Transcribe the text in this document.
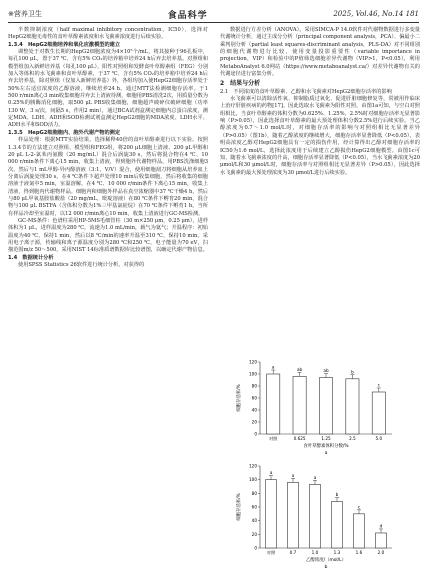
※营养卫生	食品科学	2025, Vol.46, No.14 181

半数抑制浓度（half maximal inhibitory concentration，IC50），选择对HepG2细胞无毒性的食叶草醇素浓度和水飞蓟素浓度进行后续实验。

1.3.4　HepG2细胞培养和氧化应激模型的建立

调整处于对数生长期的HepG2细胞浓度为4×10⁵个/mL，将其接种于96孔板中，每孔100 μL，置于37 ℃、含有5% CO₂的培养箱中培养24 h后弃去培养基。对照组和模型组加入新鲜培养基（每孔100 μL），阳性对照组和发酵食叶草醇素组（FEG）分别加入等体积的水飞蓟素和食叶草醇素，于37 ℃、含有5% CO₂的培养箱中培养24 h后弃去培养基，除对照组（仅加入新鲜培养基）外，各组均加入使HepG2细胞存活率处于50%左右适宜浓度的乙醇溶液，继续培养24 h。通过MTT法检测细胞存活率。于1 500 r/min离心3 min收集细胞并弃去上清液待测，细胞用PBS清洗2次，用质量分数为0.25%的胰酶消化细胞，取500 μL PBS收集细胞，细胞超声破碎仪破碎细胞（功率130 W，3 s/次，间隔5 s，作用2 min），通过BCA试剂盒测定细胞内总蛋白浓度，测定MDA、LDH、ADH和SOD检测试剂盒测定HepG2细胞的MDA浓度、LDH水平、ADH水平和SOD活力。

1.3.5　HepG2细胞胞内、胞外代谢产物的测定

样品处理：根据MTT实验结果，选择稀释40倍的食叶草醇素进行以下实验。按照1.3.4节的方法建立对照组、模型组和FEG组，将200 μL细胞上清液、200 μL甲醇和20 μL L-2-氯苯丙氨酸（20 mg/mL）混合后涡旋30 s，然后将混合物在4 ℃、10 000 r/min条件下离心15 min，收集上清液，得到胞外代谢物样品。用PBS洗涤细胞3次，然后与1 mL甲醇-异丙醇溶液（3:1，V/V）混合，使用细胞刮刀将细胞从培养皿上分离后涡旋处理30 s。在4 ℃条件下超声处理10 min后收集细胞，然后将收集的细胞溶液于液氮中5 min，室温溶解，在4 ℃、10 000 r/min条件下离心15 min，收集上清液，得到胞内代谢物样品。细胞内和细胞外样品在真空浓缩器中37 ℃干燥4 h，然后与80 μL甲氧基胺盐酸盐（20 mg/mL，吡啶溶液）在80 ℃条件下孵育20 min，混合物与100 μL BSTFA（含体积分数为1%三甲基氯硅烷）在70 ℃条件下孵育1 h。当所有样品冷却至室温时，以12 000 r/min离心10 min，收集上清液进行GC-MS检测。

GC-MS条件：色谱柱采用HP-5MS毛细管柱（30 m×250 μm，0.25 μm），进样体积为1 μL，进样温度为280 ℃，流速为1.0 mL/min，载气为氦气；升温程序：初始温度为40 ℃，保持1 min，然后以8 ℃/min的速率升温至310 ℃，保持10 min。采用电子离子源，传输线和离子源温度分别为280 ℃和250 ℃，电子能量为70 eV，扫描范围m/z 50～500，采用NIST 14标准质谱数据库比较谱图，以确定代谢产物信息。

1.4　数据统计分析

使用SPSS Statistics 26软件进行统计分析，对获得的

数据进行方差分析（ANOVA）。采用SIMCA-P 14.0软件对代谢物数据进行多变量代谢统计分析，通过主成分分析（principal component analysis，PCA）、偏最小二乘判别分析（partial least squares-discriminant analysis，PLS-DA）对不同组别的细胞代谢物进行比较，使用变量投影重要性（variable importance in projection，VIP）和检验中的P值筛选细胞差异代谢物（VIP>1，P<0.05），利用MetaboAnalyst 6.0网站（https://www.metaboanalyst.ca/）对差异代谢物有关的代谢途径进行富集分析。

2　结果与分析

2.1　不同浓度的食叶草醇素、乙醇和水飞蓟素对HepG2细胞存活率的影响

水飞蓟素可以清除活性氧、抑制脂质过氧化、促进肝脏细胞修复等，常被用作临床上治疗肝脏疾病的药物[17]。因此选取水飞蓟素为阳性对照。由图1a可知，与空白对照组相比，当食叶草醇素的体积分数为0.625%、1.25%、2.5%时对细胞存活率无显著影响（P>0.05），因此选择食叶草醇素的最大预处理体积分数2.5%进行后续实验。当乙醇浓度为0.7～1.0 mol/L时，对细胞存活率的影响与对照组相比无显著差异（P>0.05）（图1b），随着乙醇浓度的继续增大，细胞存活率显著降低（P<0.05），表明高浓度乙醇对HepG2细胞具有一定的损伤作用，经计算得出乙醇对细胞存活率的IC50为1.6 mol/L，选择此浓度用于后续建立乙醇损伤HepG2细胞模型。由图1c可知，随着水飞蓟素浓度的升高，细胞存活率显著降低（P<0.05），当水飞蓟素浓度为20 μmol/L和30 μmol/L时，细胞存活率与对照组相比无显著差异（P>0.05），因此选择水飞蓟素的最大预处理浓度为30 μmol/L进行后续实验。

0
20
40
60
80
100
120
a
对照
ab
0.625
ab
1.25
b
2.5
c
5.0
食叶草醇素体积分数/%
细胞存活率/%
a
0
20
40
60
80
100
120
a
对照
a
0.7
a
1.0
b
1.3
c
1.6
d
2.0
乙醇浓度/（mol/L）
细胞存活率/%
b
